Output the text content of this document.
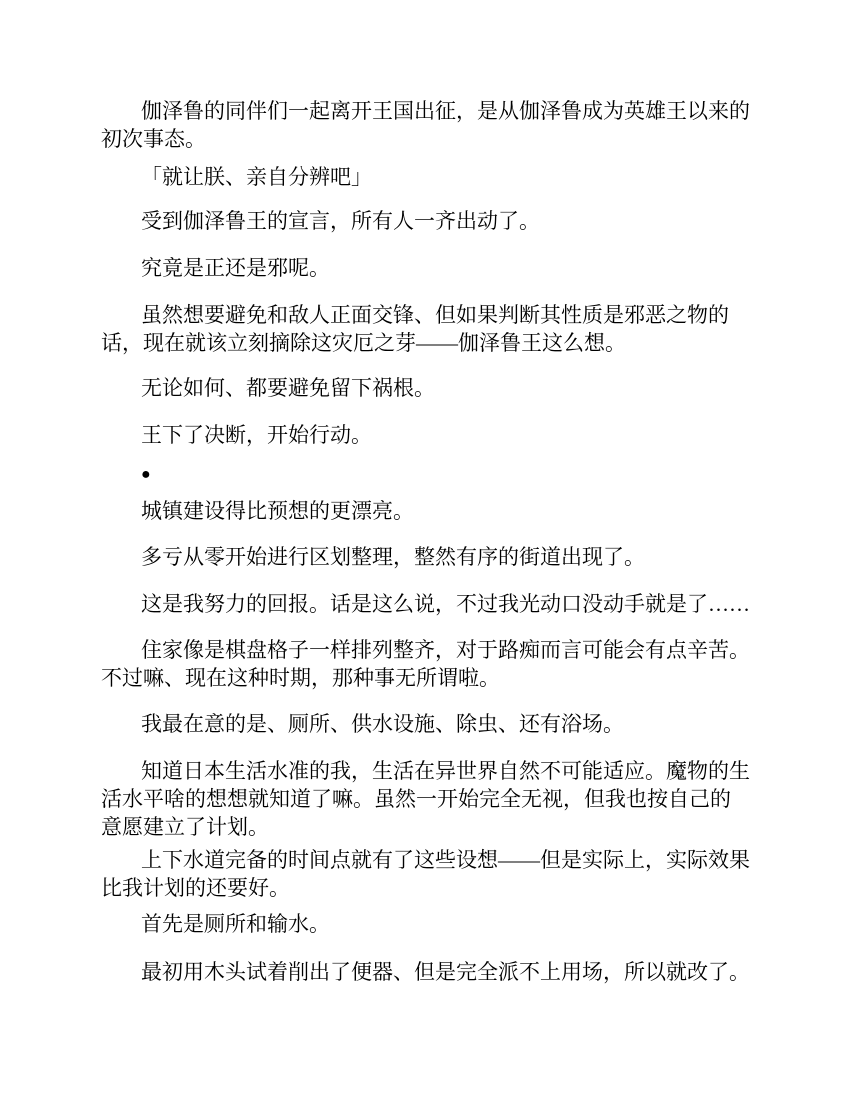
伽泽鲁的同伴们一起离开王国出征，是从伽泽鲁成为英雄王以来的初次事态。

「就让朕、亲自分辨吧」

受到伽泽鲁王的宣言，所有人一齐出动了。

究竟是正还是邪呢。

虽然想要避免和敌人正面交锋、但如果判断其性质是邪恶之物的话，现在就该立刻摘除这灾厄之芽——伽泽鲁王这么想。

无论如何、都要避免留下祸根。

王下了决断，开始行动。

●

城镇建设得比预想的更漂亮。

多亏从零开始进行区划整理，整然有序的街道出现了。

这是我努力的回报。话是这么说，不过我光动口没动手就是了……

住家像是棋盘格子一样排列整齐，对于路痴而言可能会有点辛苦。不过嘛、现在这种时期，那种事无所谓啦。

我最在意的是、厕所、供水设施、除虫、还有浴场。

知道日本生活水准的我，生活在异世界自然不可能适应。魔物的生活水平啥的想想就知道了嘛。虽然一开始完全无视，但我也按自己的意愿建立了计划。

上下水道完备的时间点就有了这些设想——但是实际上，实际效果比我计划的还要好。

首先是厕所和输水。

最初用木头试着削出了便器、但是完全派不上用场，所以就改了。
